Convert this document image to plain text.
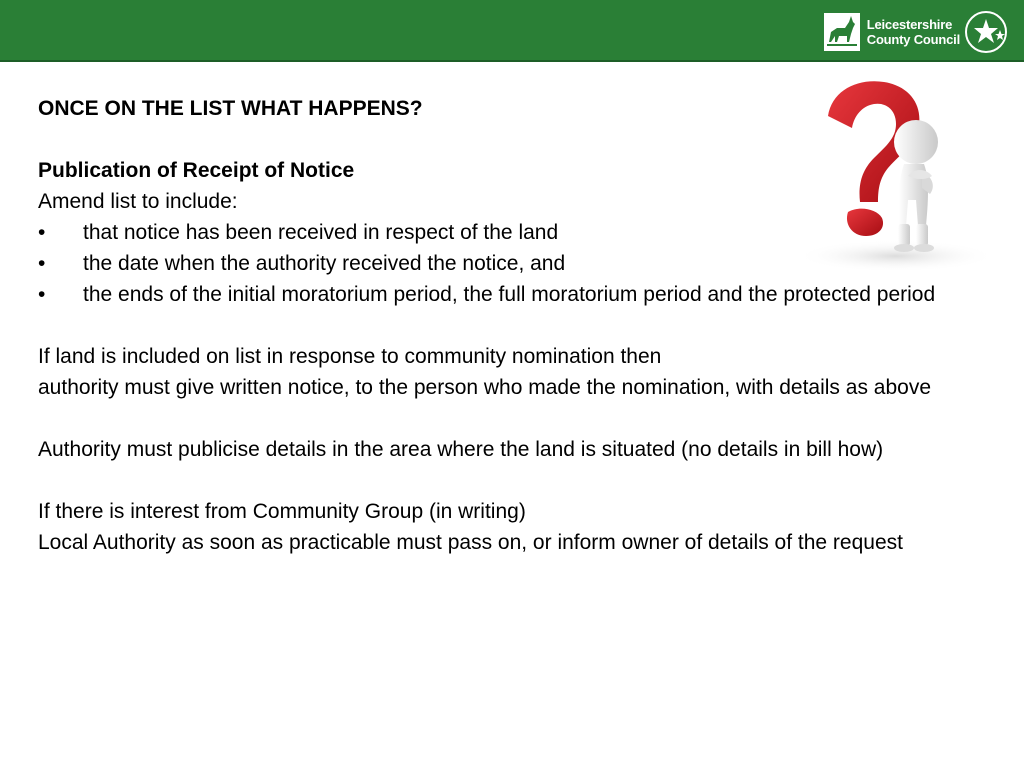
Leicestershire
County Council

ONCE ON THE LIST WHAT HAPPENS?

Publication of Receipt of Notice

Amend list to include:

•	that notice has been received in respect of the land
•	the date when the authority received the notice, and

• the ends of the initial moratorium period, the full moratorium period and the protected period

If land is included on list in response to community nomination then

authority must give written notice, to the person who made the nomination, with details as above

Authority must publicise details in the area where the land is situated (no details in bill how)

If there is interest from Community Group (in writing)

Local Authority as soon as practicable must pass on, or inform owner of details of the request
